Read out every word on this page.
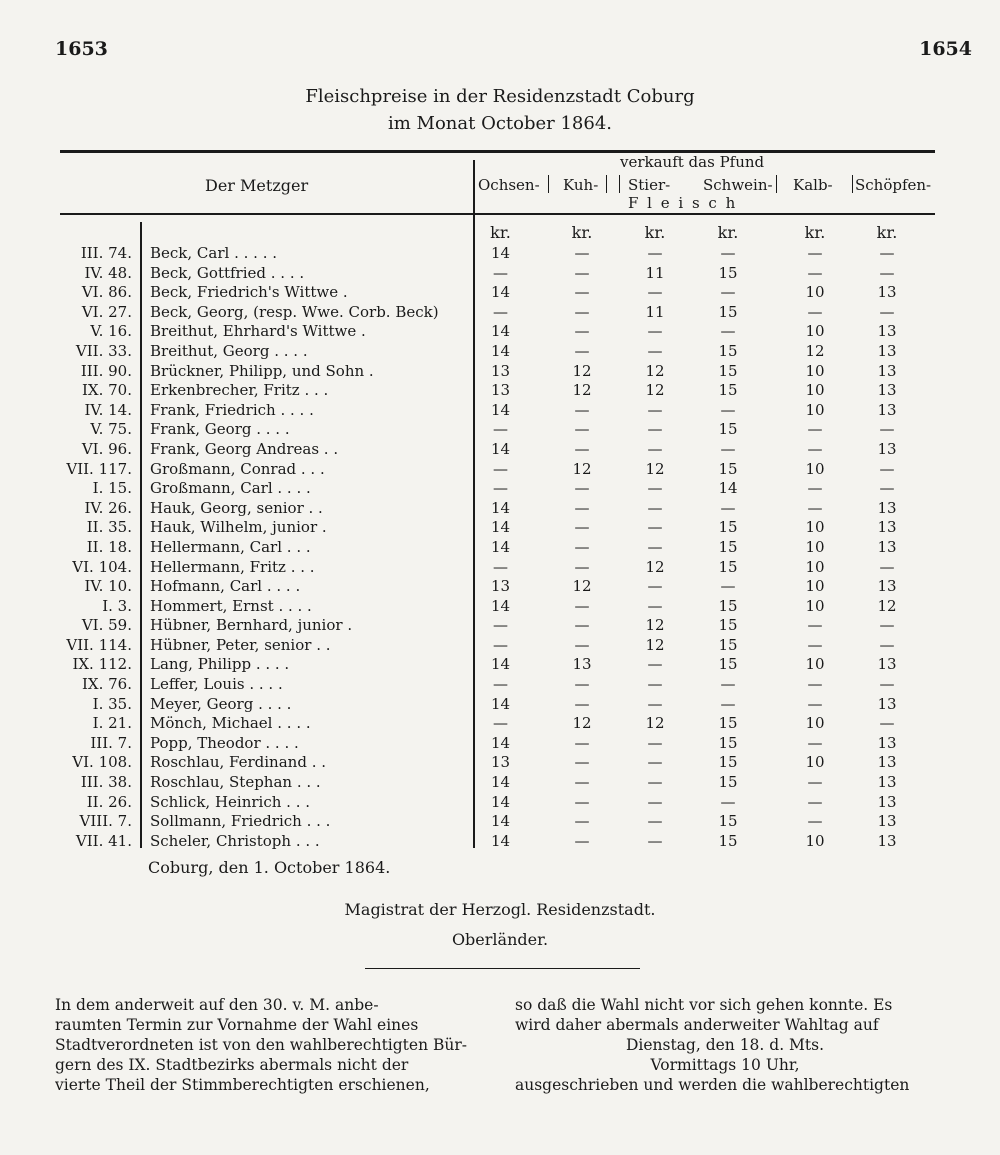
1653	1654
Fleischpreise in der Residenzstadt Coburg
im Monat October 1864.
Der Metzger
verkauft das Pfund
Ochsen- Kuh- Stier- Schwein- Kalb- Schöpfen-
F l e i s c h
kr.	kr.	kr.	kr.	kr.	kr.
III. 74. Beck, Carl . . . . .	14	—	—	—	—	—
IV. 48. Beck, Gottfried . . . .	—	—	11	15	—	—
VI. 86. Beck, Friedrich's Wittwe .	14	—	—	—	10	13
VI. 27. Beck, Georg, (resp. Wwe. Corb. Beck)	—	—	11	15	—	—
V. 16. Breithut, Ehrhard's Wittwe .	14	—	—	—	10	13
VII. 33. Breithut, Georg . . . .	14	—	—	15	12	13
III. 90. Brückner, Philipp, und Sohn .	13	12	12	15	10	13
IX. 70. Erkenbrecher, Fritz . . .	13	12	12	15	10	13
IV. 14. Frank, Friedrich . . . .	14	—	—	—	10	13
V. 75. Frank, Georg . . . .	—	—	—	15	—	—
VI. 96. Frank, Georg Andreas . .	14	—	—	—	—	13
VII. 117. Großmann, Conrad . . .	—	12	12	15	10	—
I. 15. Großmann, Carl . . . .	—	—	—	14	—	—
IV. 26. Hauk, Georg, senior . .	14	—	—	—	—	13
II. 35. Hauk, Wilhelm, junior .	14	—	—	15	10	13
II. 18. Hellermann, Carl . . .	14	—	—	15	10	13
VI. 104. Hellermann, Fritz . . .	—	—	12	15	10	—
IV. 10. Hofmann, Carl . . . .	13	12	—	—	10	13
I. 3. Hommert, Ernst . . . .	14	—	—	15	10	12
VI. 59. Hübner, Bernhard, junior .	—	—	12	15	—	—
VII. 114. Hübner, Peter, senior . .	—	—	12	15	—	—
IX. 112. Lang, Philipp . . . .	14	13	—	15	10	13
IX. 76. Leffer, Louis . . . .	—	—	—	—	—	—
I. 35. Meyer, Georg . . . .	14	—	—	—	—	13
I. 21. Mönch, Michael . . . .	—	12	12	15	10	—
III. 7. Popp, Theodor . . . .	14	—	—	15	—	13
VI. 108. Roschlau, Ferdinand . .	13	—	—	15	10	13
III. 38. Roschlau, Stephan . . .	14	—	—	15	—	13
II. 26. Schlick, Heinrich . . .	14	—	—	—	—	13
VIII. 7. Sollmann, Friedrich . . .	14	—	—	15	—	13
VII. 41. Scheler, Christoph . . .	14	—	—	15	10	13
Coburg, den 1. October 1864.
Magistrat der Herzogl. Residenzstadt.
Oberländer.
In dem anderweit auf den 30. v. M. anbe-
raumten Termin zur Vornahme der Wahl eines
Stadtverordneten ist von den wahlberechtigten Bür-
gern des IX. Stadtbezirks abermals nicht der
vierte Theil der Stimmberechtigten erschienen,
so daß die Wahl nicht vor sich gehen konnte. Es
wird daher abermals anderweiter Wahltag auf
Dienstag, den 18. d. Mts.
Vormittags 10 Uhr,
ausgeschrieben und werden die wahlberechtigten
